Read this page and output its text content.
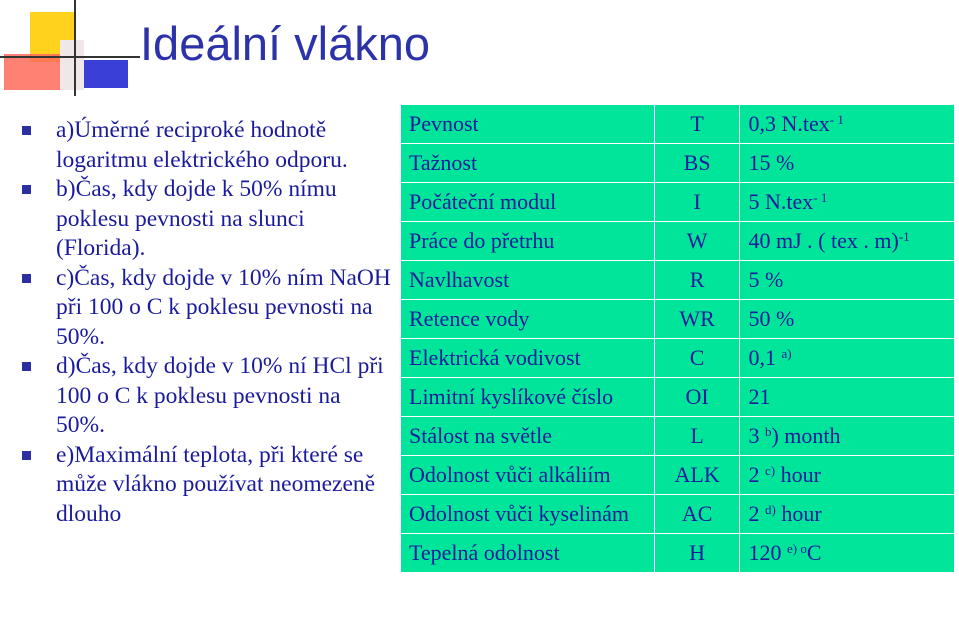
Ideální vlákno
a)Úměrné reciproké hodnotě logaritmu elektrického odporu.
b)Čas, kdy dojde k 50% nímu poklesu pevnosti na slunci (Florida).
c)Čas, kdy dojde v 10% ním NaOH při 100 o C k poklesu pevnosti na 50%.
d)Čas, kdy dojde v 10% ní HCl při 100 o C k poklesu pevnosti na 50%.
e)Maximální teplota, při které se může vlákno používat neomezeně dlouho
Pevnost	T	0,3 N.tex$^{- 1}$
Tažnost	BS	15 %
Počáteční modul	I	5 N.tex$^{- 1}$
Práce do přetrhu	W	40 mJ . ( tex . m)$^{-1}$
Navlhavost	R	5 %
Retence vody	WR	50 %
Elektrická vodivost	C	0,1 $^{a)}$
Limitní kyslíkové číslo	OI	21
Stálost na světle	L	3 $^b$) month
Odolnost vůči alkáliím	ALK	2 $^{c)}$ hour
Odolnost vůči kyselinám	AC	2 $^{d)}$ hour
Tepelná odolnost	H	120 $^{e) o}$C
